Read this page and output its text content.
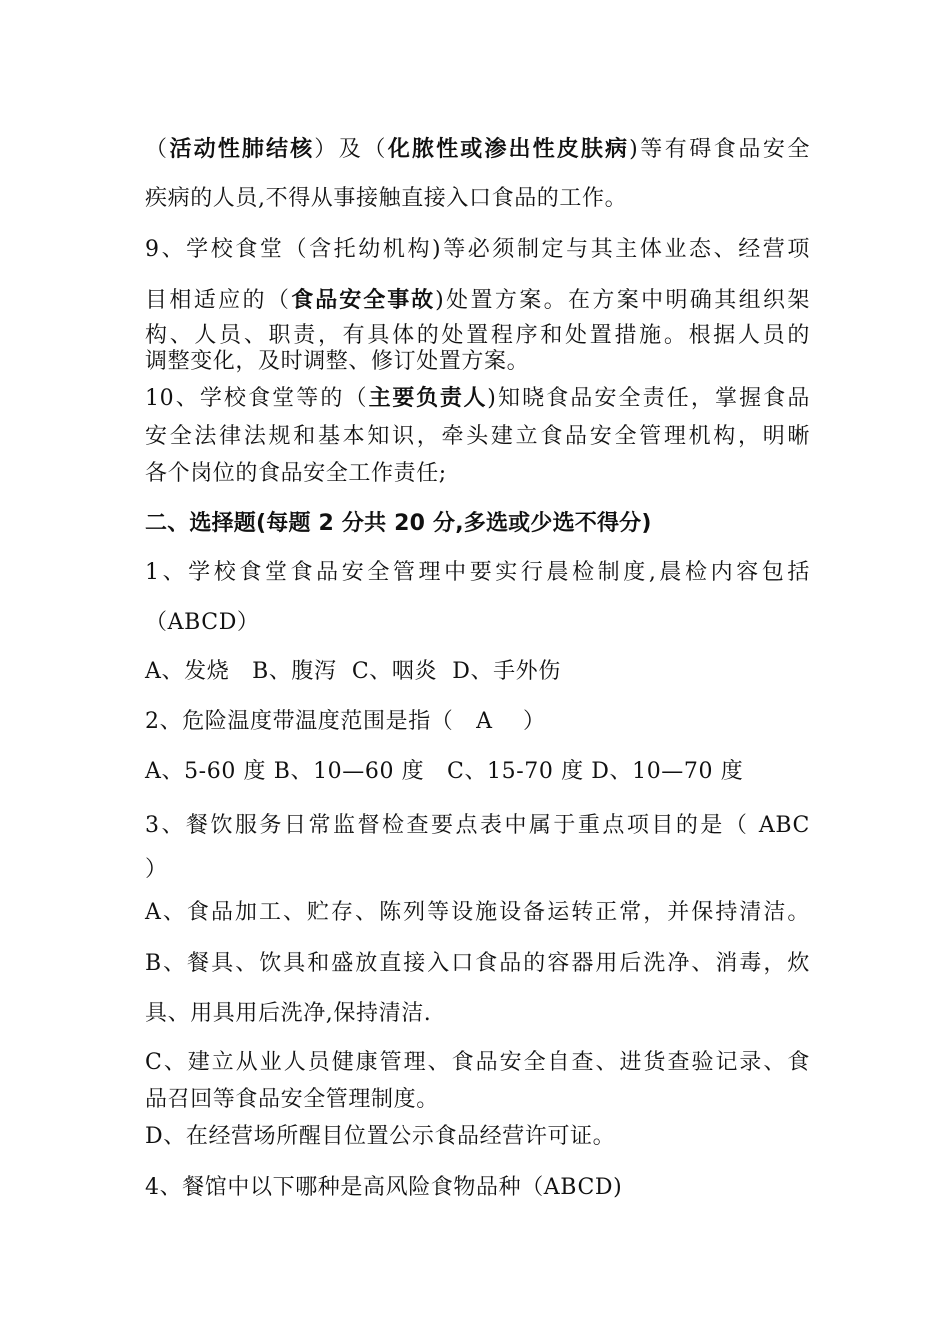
（活动性肺结核）及（化脓性或渗出性皮肤病)等有碍食品安全
疾病的人员,不得从事接触直接入口食品的工作。
9、学校食堂（含托幼机构)等必须制定与其主体业态、经营项
目相适应的（食品安全事故)处置方案。在方案中明确其组织架
构、人员、职责，有具体的处置程序和处置措施。根据人员的
调整变化，及时调整、修订处置方案。
10、学校食堂等的（主要负责人)知晓食品安全责任，掌握食品
安全法律法规和基本知识，牵头建立食品安全管理机构，明晰
各个岗位的食品安全工作责任;
二、选择题(每题 2 分共 20 分,多选或少选不得分)
1、学校食堂食品安全管理中要实行晨检制度,晨检内容包括
（ABCD）
A、发烧   B、腹泻  C、咽炎  D、手外伤
2、危险温度带温度范围是指（   A    ）
A、5-60 度 B、10—60 度   C、15-70 度 D、10—70 度
3、餐饮服务日常监督检查要点表中属于重点项目的是（ ABC
）
A、食品加工、贮存、陈列等设施设备运转正常，并保持清洁。
B、餐具、饮具和盛放直接入口食品的容器用后洗净、消毒，炊
具、用具用后洗净,保持清洁.
C、建立从业人员健康管理、食品安全自查、进货查验记录、食
品召回等食品安全管理制度。
D、在经营场所醒目位置公示食品经营许可证。
4、餐馆中以下哪种是高风险食物品种（ABCD)
